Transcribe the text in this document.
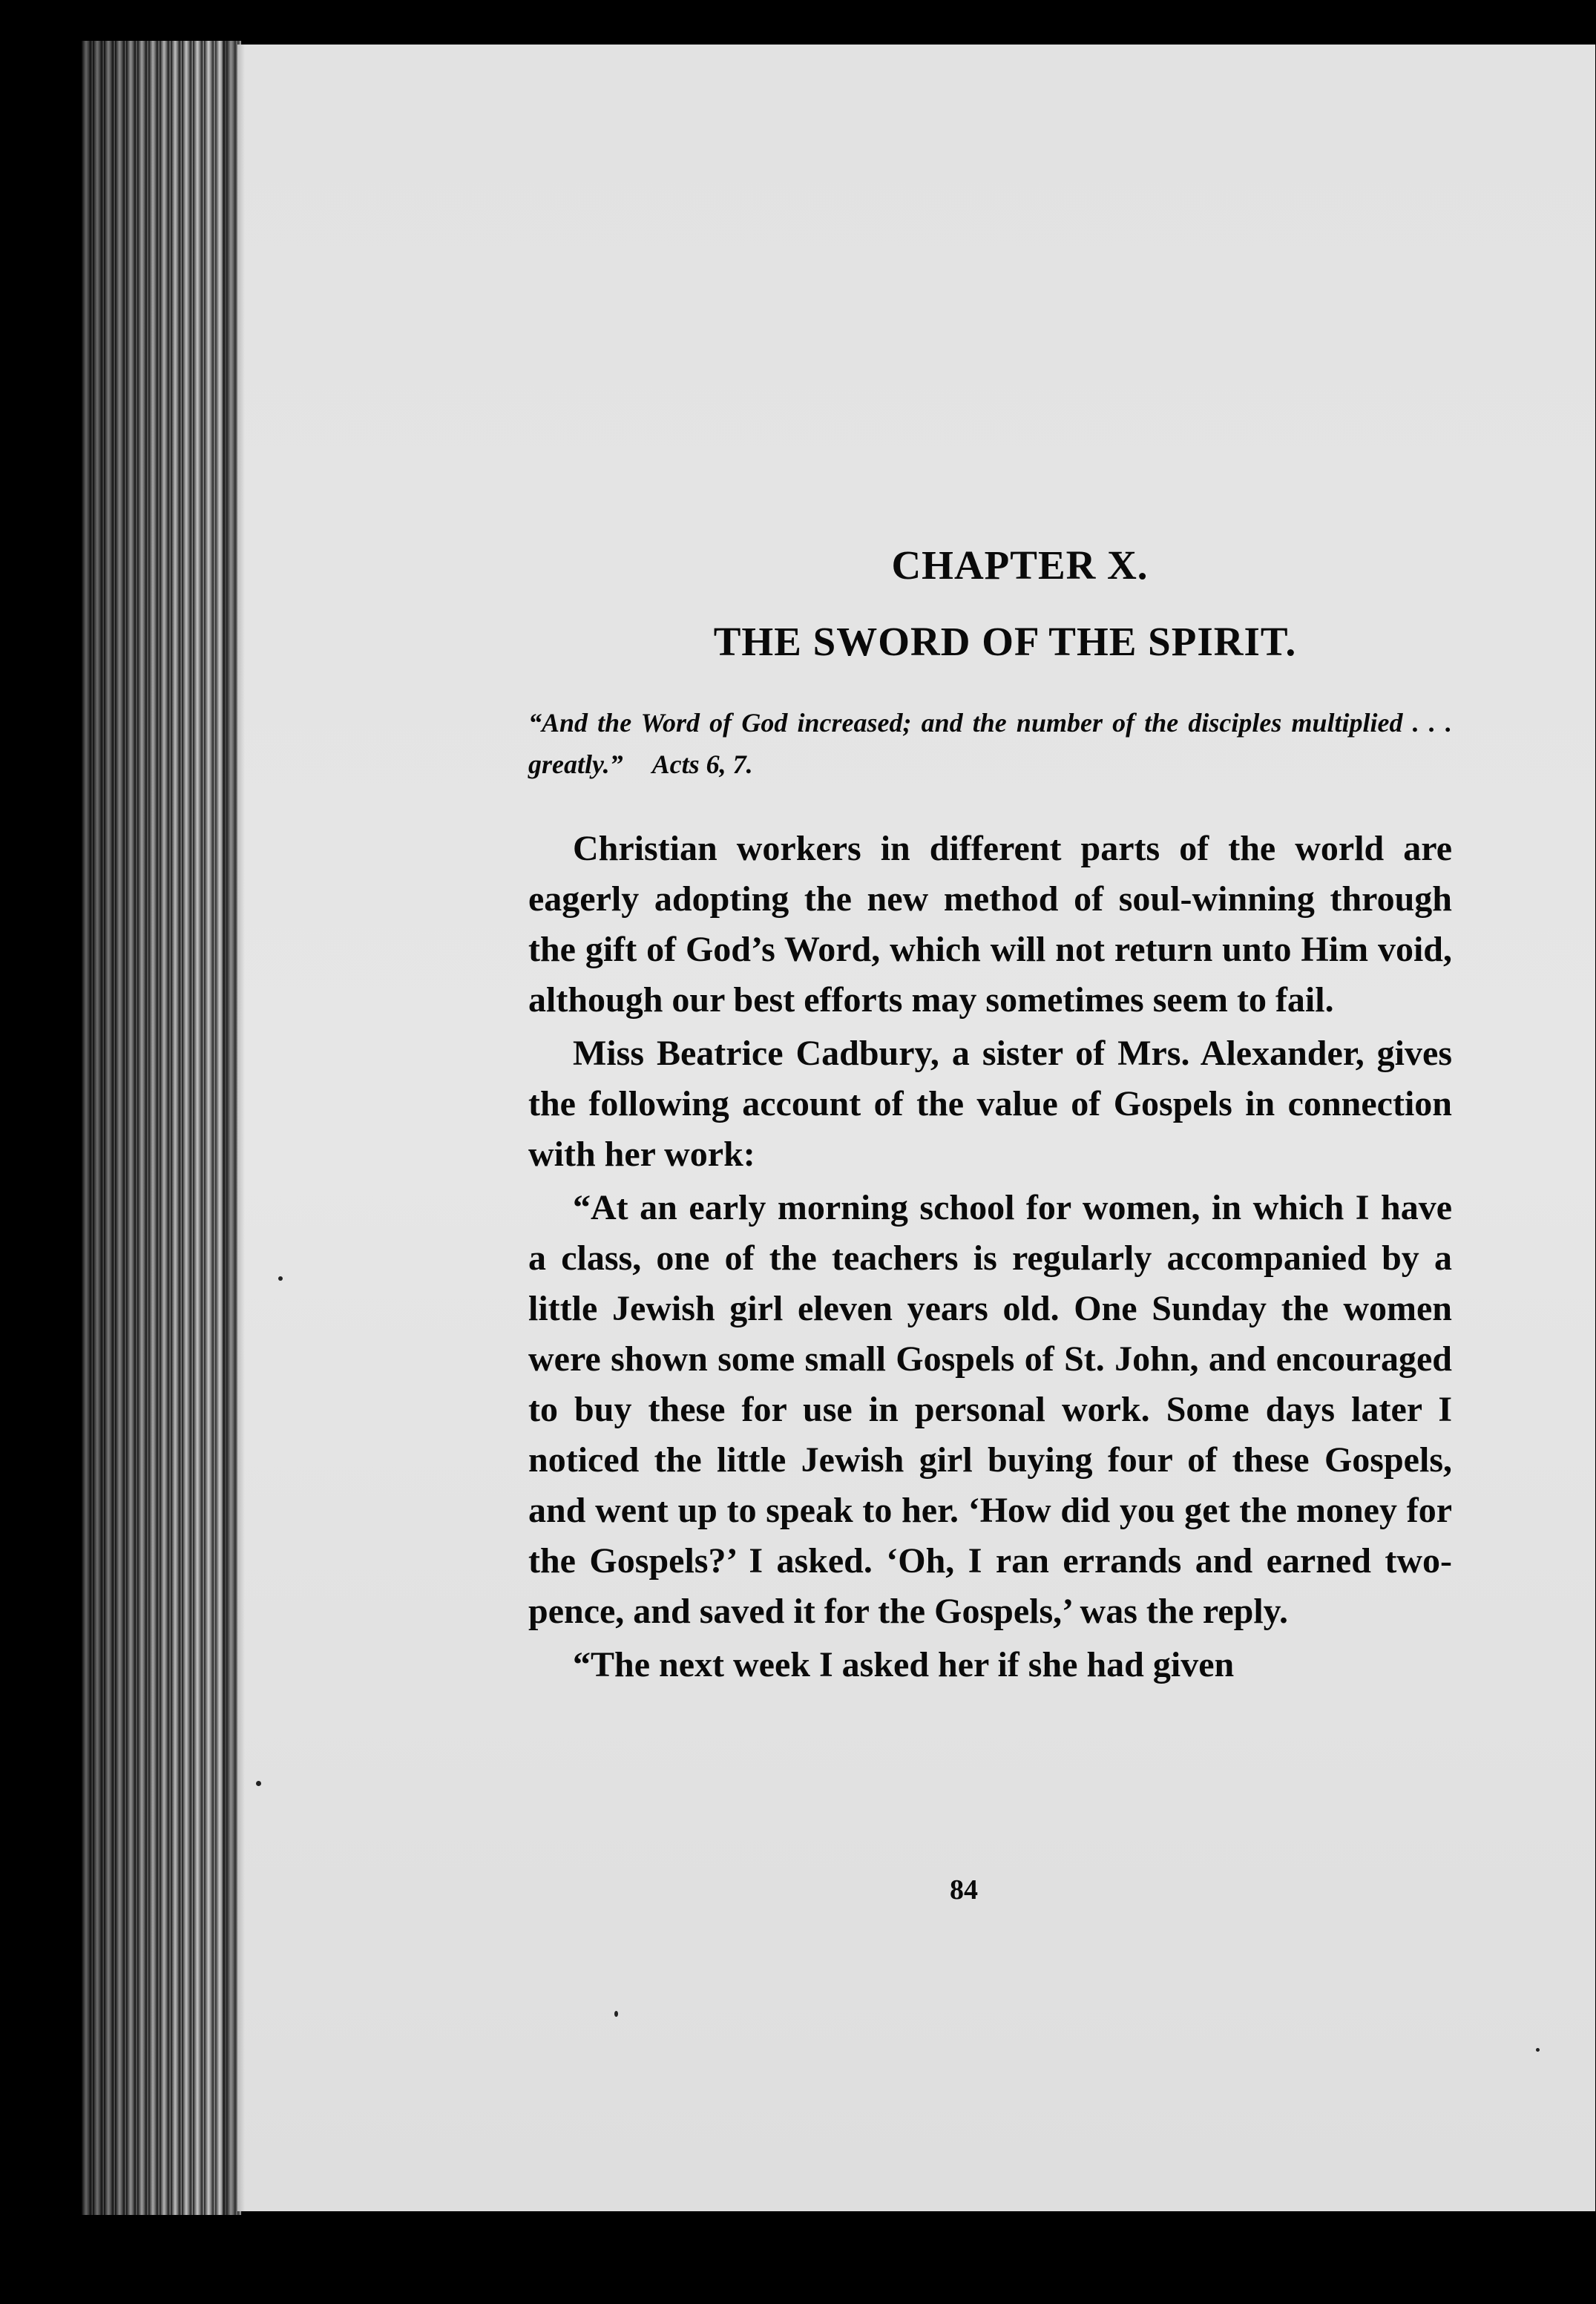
CHAPTER X.
THE SWORD OF THE SPIRIT.
“And the Word of God increased; and the number of the disciples multiplied . . . greatly.” Acts 6, 7.

Christian workers in different parts of the world are eagerly adopting the new method of soul-winning through the gift of God’s Word, which will not return unto Him void, although our best efforts may sometimes seem to fail.

Miss Beatrice Cadbury, a sister of Mrs. Alexander, gives the following account of the value of Gospels in connection with her work:

“At an early morning school for women, in which I have a class, one of the teachers is regularly accompanied by a little Jewish girl eleven years old. One Sunday the women were shown some small Gospels of St. John, and encouraged to buy these for use in personal work. Some days later I noticed the little Jewish girl buying four of these Gospels, and went up to speak to her. ‘How did you get the money for the Gospels?’ I asked. ‘Oh, I ran errands and earned two-pence, and saved it for the Gospels,’ was the reply.

“The next week I asked her if she had given

84
